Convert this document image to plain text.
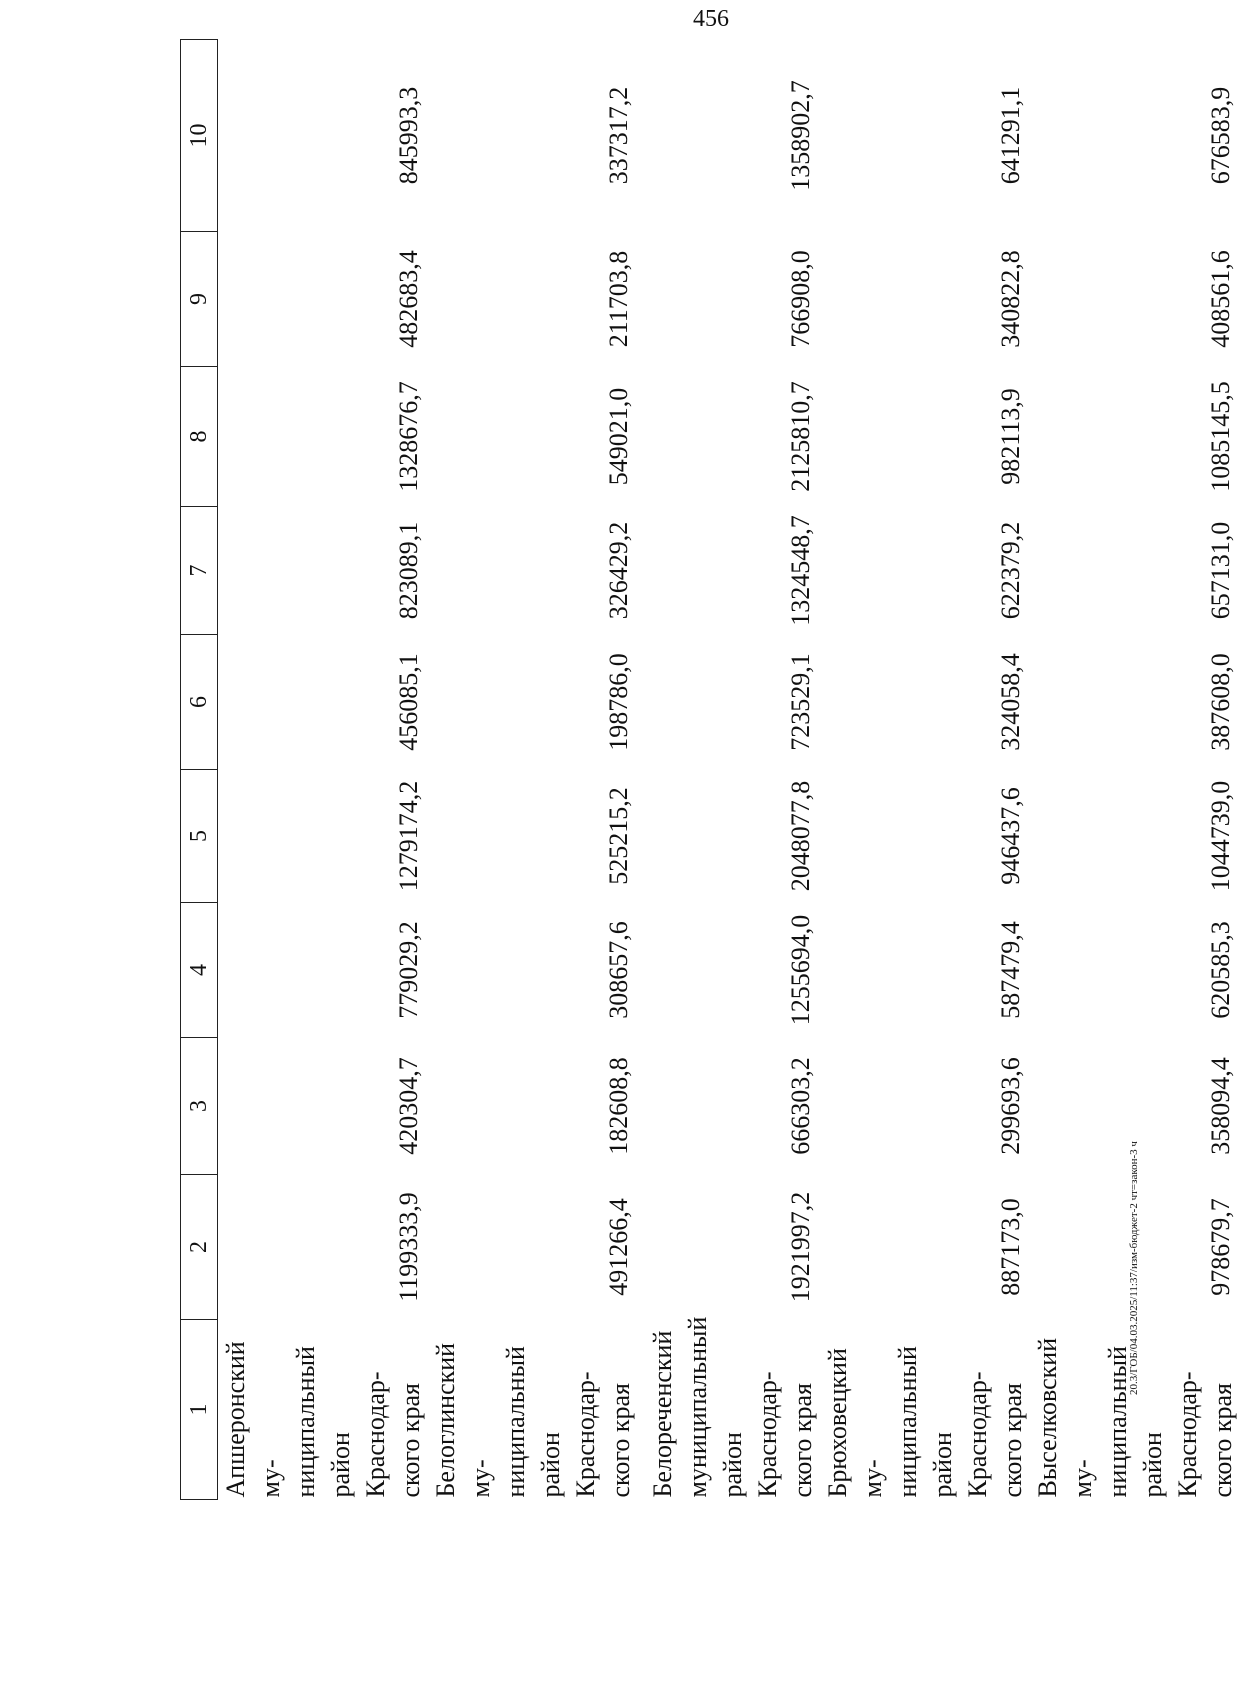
456
1	2	3	4	5	6	7	8	9	10

Апшеронский му- ниципальный район Краснодар- ского края	1199333,9	420304,7	779029,2	1279174,2	456085,1	823089,1	1328676,7	482683,4	845993,3

Белоглинский му- ниципальный район Краснодар- ского края	491266,4	182608,8	308657,6	525215,2	198786,0	326429,2	549021,0	211703,8	337317,2

Белореченский муниципальный район Краснодар- ского края	1921997,2	666303,2	1255694,0	2048077,8	723529,1	1324548,7	2125810,7	766908,0	1358902,7

Брюховецкий му- ниципальный район Краснодар- ского края	887173,0	299693,6	587479,4	946437,6	324058,4	622379,2	982113,9	340822,8	641291,1

Выселковский му- ниципальный район Краснодар- ского края	978679,7	358094,4	620585,3	1044739,0	387608,0	657131,0	1085145,5	408561,6	676583,9
20.3/ГОБ/04.03.2025/11:37/изм-бюджет-2 чт=закон-3 ч
